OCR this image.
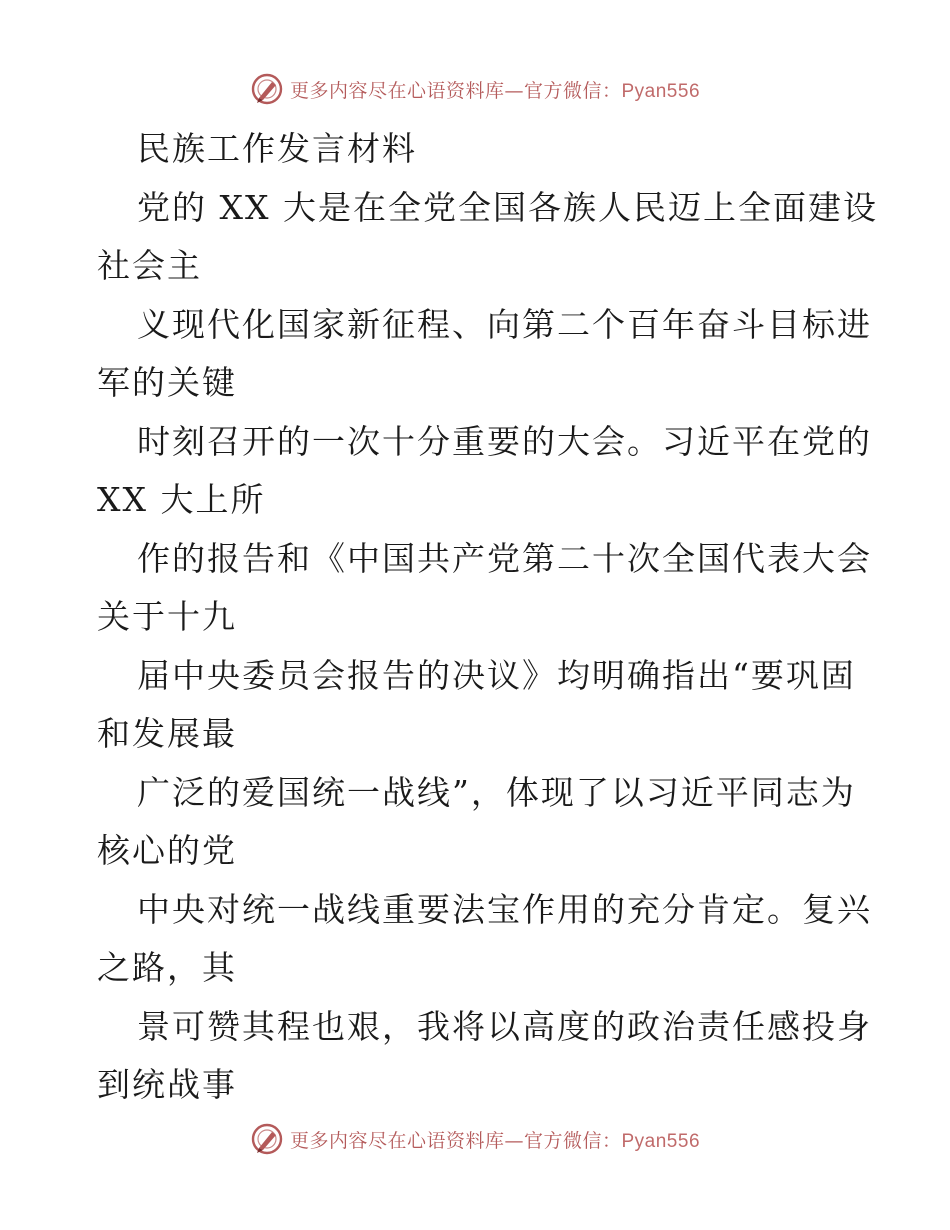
更多内容尽在心语资料库—官方微信：Pyan556
民族工作发言材料
党的 XX 大是在全党全国各族人民迈上全面建设
社会主
义现代化国家新征程、向第二个百年奋斗目标进
军的关键
时刻召开的一次十分重要的大会。习近平在党的
XX 大上所
作的报告和《中国共产党第二十次全国代表大会
关于十九
届中央委员会报告的决议》均明确指出“要巩固
和发展最
广泛的爱国统一战线”，体现了以习近平同志为
核心的党
中央对统一战线重要法宝作用的充分肯定。复兴
之路，其
景可赞其程也艰，我将以高度的政治责任感投身
到统战事
更多内容尽在心语资料库—官方微信：Pyan556
